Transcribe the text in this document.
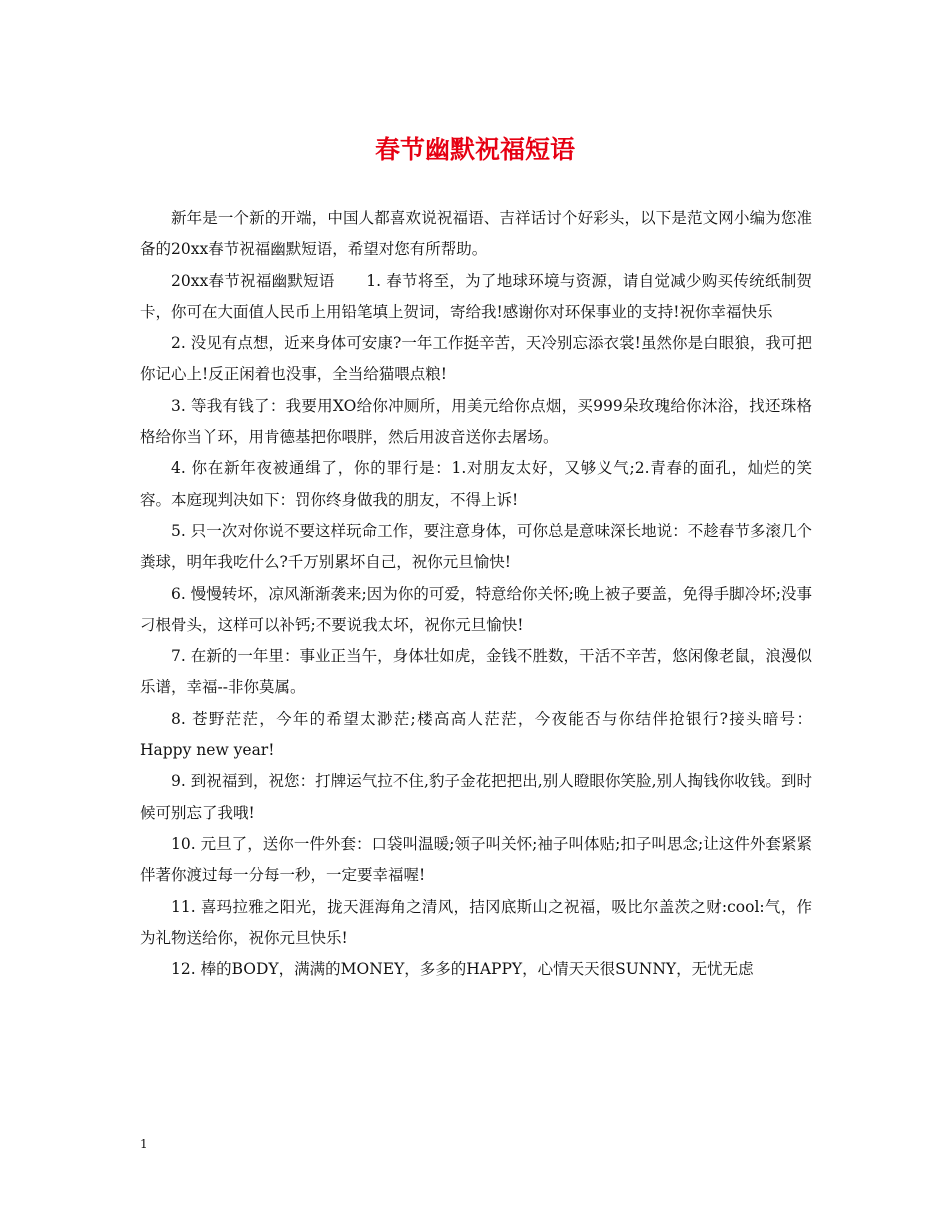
春节幽默祝福短语

新年是一个新的开端，中国人都喜欢说祝福语、吉祥话讨个好彩头，以下是范文网小编为您准备的20xx春节祝福幽默短语，希望对您有所帮助。

20xx春节祝福幽默短语　　1. 春节将至，为了地球环境与资源，请自觉减少购买传统纸制贺卡，你可在大面值人民币上用铅笔填上贺词，寄给我!感谢你对环保事业的支持!祝你幸福快乐

2. 没见有点想，近来身体可安康?一年工作挺辛苦，天冷别忘添衣裳!虽然你是白眼狼，我可把你记心上!反正闲着也没事，全当给猫喂点粮!

3. 等我有钱了：我要用XO给你冲厕所，用美元给你点烟，买999朵玫瑰给你沐浴，找还珠格格给你当丫环，用肯德基把你喂胖，然后用波音送你去屠场。

4. 你在新年夜被通缉了，你的罪行是：1.对朋友太好，又够义气;2.青春的面孔，灿烂的笑容。本庭现判决如下：罚你终身做我的朋友，不得上诉!

5. 只一次对你说不要这样玩命工作，要注意身体，可你总是意味深长地说：不趁春节多滚几个粪球，明年我吃什么?千万别累坏自己，祝你元旦愉快!

6. 慢慢转坏，凉风渐渐袭来;因为你的可爱，特意给你关怀;晚上被子要盖，免得手脚冷坏;没事刁根骨头，这样可以补钙;不要说我太坏，祝你元旦愉快!

7. 在新的一年里：事业正当午，身体壮如虎，金钱不胜数，干活不辛苦，悠闲像老鼠，浪漫似乐谱，幸福--非你莫属。

8. 苍野茫茫，今年的希望太渺茫;楼高高人茫茫，今夜能否与你结伴抢银行?接头暗号：Happy new year!

9. 到祝福到，祝您：打牌运气拉不住,豹子金花把把出,别人瞪眼你笑脸,别人掏钱你收钱。到时候可别忘了我哦!

10. 元旦了，送你一件外套：口袋叫温暖;领子叫关怀;袖子叫体贴;扣子叫思念;让这件外套紧紧伴著你渡过每一分每一秒，一定要幸福喔!

11. 喜玛拉雅之阳光，拢天涯海角之清风，拮冈底斯山之祝福，吸比尔盖茨之财:cool:气，作为礼物送给你，祝你元旦快乐!

12. 棒的BODY，满满的MONEY，多多的HAPPY，心情天天很SUNNY，无忧无虑

1
